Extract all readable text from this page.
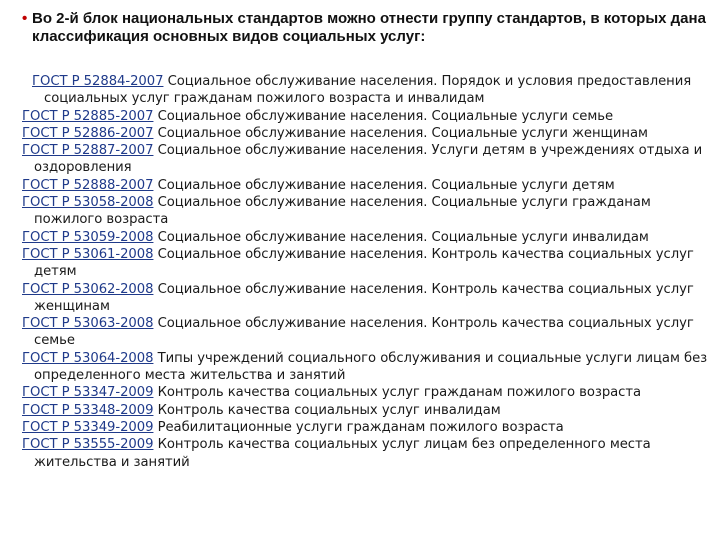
• Во 2-й блок национальных стандартов можно отнести группу стандартов, в которых дана классификация основных видов социальных услуг:
ГОСТ Р 52884-2007 Социальное обслуживание населения. Порядок и условия предоставления социальных услуг гражданам пожилого возраста и инвалидам
ГОСТ Р 52885-2007 Социальное обслуживание населения. Социальные услуги семье
ГОСТ Р 52886-2007 Социальное обслуживание населения. Социальные услуги женщинам
ГОСТ Р 52887-2007 Социальное обслуживание населения. Услуги детям в учреждениях отдыха и оздоровления
ГОСТ Р 52888-2007 Социальное обслуживание населения. Социальные услуги детям
ГОСТ Р 53058-2008 Социальное обслуживание населения. Социальные услуги гражданам пожилого возраста
ГОСТ Р 53059-2008 Социальное обслуживание населения. Социальные услуги инвалидам
ГОСТ Р 53061-2008 Социальное обслуживание населения. Контроль качества социальных услуг детям
ГОСТ Р 53062-2008 Социальное обслуживание населения. Контроль качества социальных услуг женщинам
ГОСТ Р 53063-2008 Социальное обслуживание населения. Контроль качества социальных услуг семье
ГОСТ Р 53064-2008 Типы учреждений социального обслуживания и социальные услуги лицам без определенного места жительства и занятий
ГОСТ Р 53347-2009 Контроль качества социальных услуг гражданам пожилого возраста
ГОСТ Р 53348-2009 Контроль качества социальных услуг инвалидам
ГОСТ Р 53349-2009 Реабилитационные услуги гражданам пожилого возраста
ГОСТ Р 53555-2009 Контроль качества социальных услуг лицам без определенного места жительства и занятий
